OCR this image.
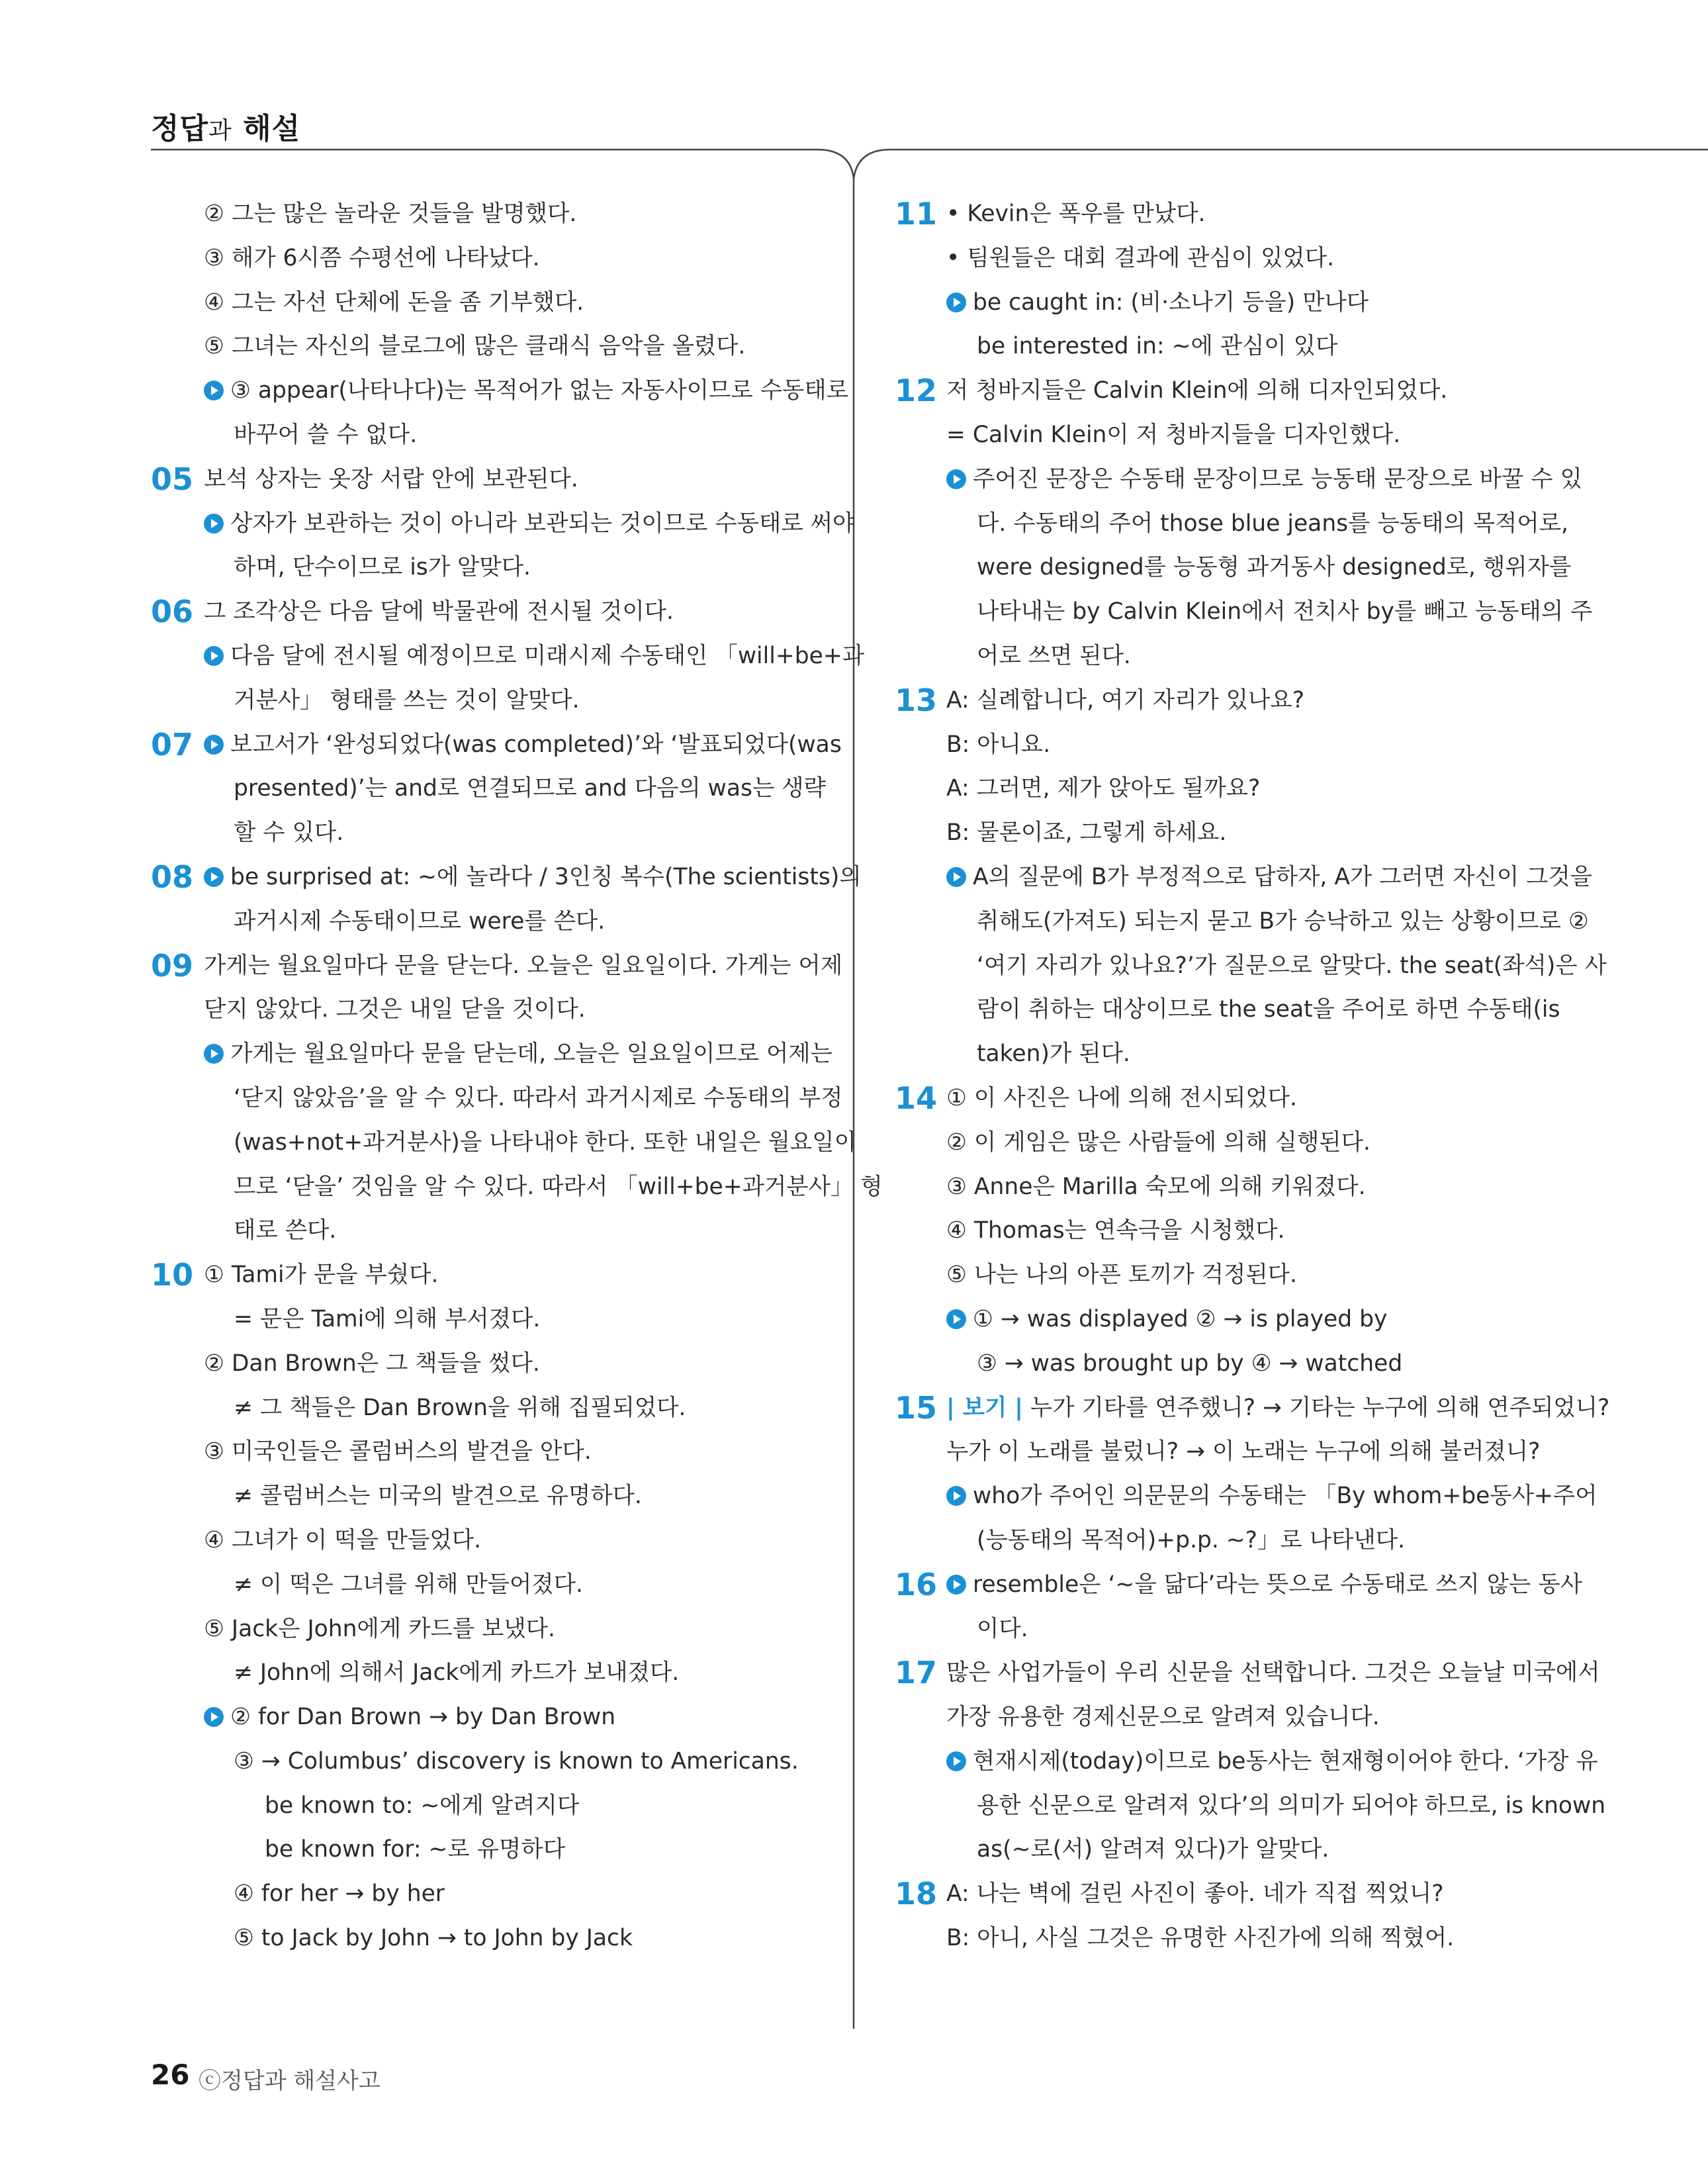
정답과 해설
② 그는 많은 놀라운 것들을 발명했다.
③ 해가 6시쯤 수평선에 나타났다.
④ 그는 자선 단체에 돈을 좀 기부했다.
⑤ 그녀는 자신의 블로그에 많은 클래식 음악을 올렸다.
③ appear(나타나다)는 목적어가 없는 자동사이므로 수동태로
바꾸어 쓸 수 없다.
05 보석 상자는 옷장 서랍 안에 보관된다.
상자가 보관하는 것이 아니라 보관되는 것이므로 수동태로 써야
하며, 단수이므로 is가 알맞다.
06 그 조각상은 다음 달에 박물관에 전시될 것이다.
다음 달에 전시될 예정이므로 미래시제 수동태인 「will+be+과
거분사」 형태를 쓰는 것이 알맞다.
07	보고서가 ‘완성되었다(was completed)’와 ‘발표되었다(was
presented)’는 and로 연결되므로 and 다음의 was는 생략
할 수 있다.
08	be surprised at: ~에 놀라다 / 3인칭 복수(The scientists)의
과거시제 수동태이므로 were를 쓴다.
09 가게는 월요일마다 문을 닫는다. 오늘은 일요일이다. 가게는 어제
닫지 않았다. 그것은 내일 닫을 것이다.
가게는 월요일마다 문을 닫는데, 오늘은 일요일이므로 어제는
‘닫지 않았음’을 알 수 있다. 따라서 과거시제로 수동태의 부정
(was+not+과거분사)을 나타내야 한다. 또한 내일은 월요일이
므로 ‘닫을’ 것임을 알 수 있다. 따라서 「will+be+과거분사」 형
태로 쓴다.
10 ① Tami가 문을 부쉈다.
= 문은 Tami에 의해 부서졌다.
② Dan Brown은 그 책들을 썼다.
≠ 그 책들은 Dan Brown을 위해 집필되었다.
③ 미국인들은 콜럼버스의 발견을 안다.
≠ 콜럼버스는 미국의 발견으로 유명하다.
④ 그녀가 이 떡을 만들었다.
≠ 이 떡은 그녀를 위해 만들어졌다.
⑤ Jack은 John에게 카드를 보냈다.
≠ John에 의해서 Jack에게 카드가 보내졌다.
② for Dan Brown → by Dan Brown
③ → Columbus’ discovery is known to Americans.
be known to: ~에게 알려지다
be known for: ~로 유명하다
④ for her → by her
⑤ to Jack by John → to John by Jack
11 • Kevin은 폭우를 만났다.
• 팀원들은 대회 결과에 관심이 있었다.
be caught in: (비·소나기 등을) 만나다
be interested in: ~에 관심이 있다
12 저 청바지들은 Calvin Klein에 의해 디자인되었다.
= Calvin Klein이 저 청바지들을 디자인했다.
주어진 문장은 수동태 문장이므로 능동태 문장으로 바꿀 수 있
다. 수동태의 주어 those blue jeans를 능동태의 목적어로,
were designed를 능동형 과거동사 designed로, 행위자를
나타내는 by Calvin Klein에서 전치사 by를 빼고 능동태의 주
어로 쓰면 된다.
13 A: 실례합니다, 여기 자리가 있나요?
B: 아니요.
A: 그러면, 제가 앉아도 될까요?
B: 물론이죠, 그렇게 하세요.
A의 질문에 B가 부정적으로 답하자, A가 그러면 자신이 그것을
취해도(가져도) 되는지 묻고 B가 승낙하고 있는 상황이므로 ②
‘여기 자리가 있나요?’가 질문으로 알맞다. the seat(좌석)은 사
람이 취하는 대상이므로 the seat을 주어로 하면 수동태(is
taken)가 된다.
14 ① 이 사진은 나에 의해 전시되었다.
② 이 게임은 많은 사람들에 의해 실행된다.
③ Anne은 Marilla 숙모에 의해 키워졌다.
④ Thomas는 연속극을 시청했다.
⑤ 나는 나의 아픈 토끼가 걱정된다.
① → was displayed ② → is played by
③ → was brought up by ④ → watched
15 | 보기 | 누가 기타를 연주했니? → 기타는 누구에 의해 연주되었니?
누가 이 노래를 불렀니? → 이 노래는 누구에 의해 불러졌니?
who가 주어인 의문문의 수동태는 「By whom+be동사+주어
(능동태의 목적어)+p.p. ~?」로 나타낸다.
16	resemble은 ‘~을 닮다’라는 뜻으로 수동태로 쓰지 않는 동사
이다.
17 많은 사업가들이 우리 신문을 선택합니다. 그것은 오늘날 미국에서
가장 유용한 경제신문으로 알려져 있습니다.
현재시제(today)이므로 be동사는 현재형이어야 한다. ‘가장 유
용한 신문으로 알려져 있다’의 의미가 되어야 하므로, is known
as(~로(서) 알려져 있다)가 알맞다.
18 A: 나는 벽에 걸린 사진이 좋아. 네가 직접 찍었니?
B: 아니, 사실 그것은 유명한 사진가에 의해 찍혔어.
26 ⓒ정답과 해설사고
